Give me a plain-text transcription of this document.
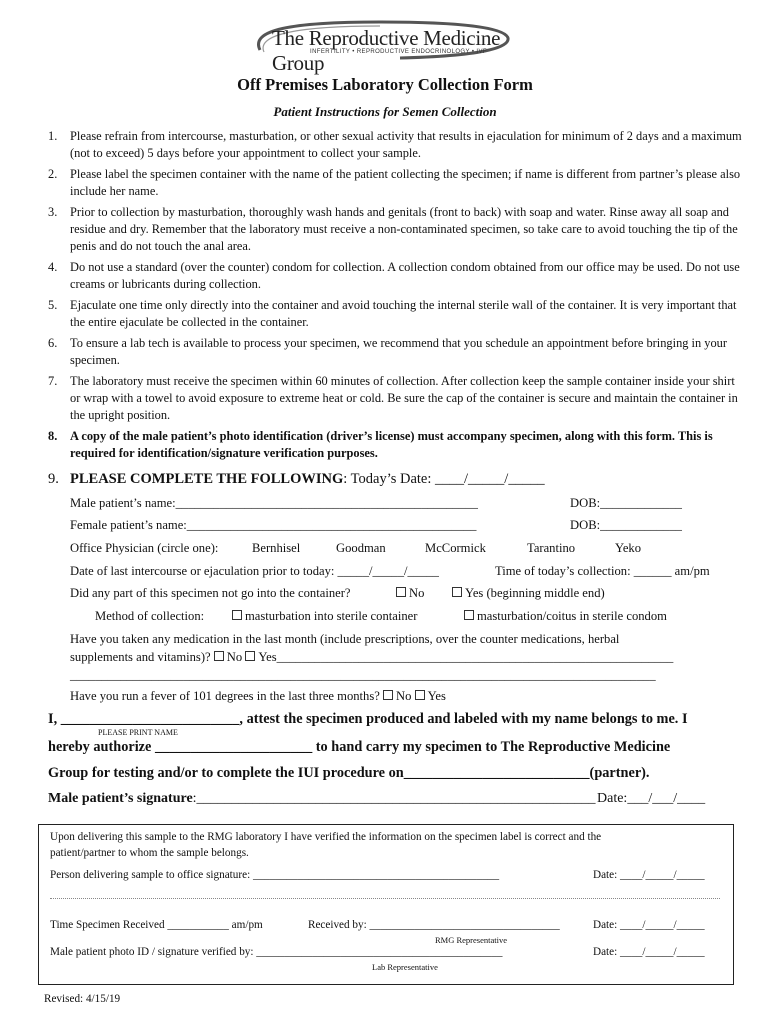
The Reproductive Medicine Group
INFERTILITY • REPRODUCTIVE ENDOCRINOLOGY • IVF
Off Premises Laboratory Collection Form
Patient Instructions for Semen Collection
1. Please refrain from intercourse, masturbation, or other sexual activity that results in ejaculation for minimum of 2 days and a maximum (not to exceed) 5 days before your appointment to collect your sample.
2. Please label the specimen container with the name of the patient collecting the specimen; if name is different from partner’s please also include her name.
3. Prior to collection by masturbation, thoroughly wash hands and genitals (front to back) with soap and water. Rinse away all soap and residue and dry. Remember that the laboratory must receive a non-contaminated specimen, so take care to avoid touching the tip of the penis and do not touch the anal area.
4. Do not use a standard (over the counter) condom for collection. A collection condom obtained from our office may be used. Do not use creams or lubricants during collection.
5. Ejaculate one time only directly into the container and avoid touching the internal sterile wall of the container. It is very important that the entire ejaculate be collected in the container.
6. To ensure a lab tech is available to process your specimen, we recommend that you schedule an appointment before bringing in your specimen.
7. The laboratory must receive the specimen within 60 minutes of collection. After collection keep the sample container inside your shirt or wrap with a towel to avoid exposure to extreme heat or cold. Be sure the cap of the container is secure and maintain the container in the upright position.
8. A copy of the male patient’s photo identification (driver’s license) must accompany specimen, along with this form. This is required for identification/signature verification purposes.
9. PLEASE COMPLETE THE FOLLOWING: Today’s Date: ____/_____/_____
Male patient’s name:________________________________________________	DOB:_____________
Female patient’s name:______________________________________________	DOB:_____________
Office Physician (circle one):	Bernhisel	Goodman	McCormick	Tarantino	Yeko
Date of last intercourse or ejaculation prior to today: _____/_____/_____	Time of today’s collection: ______ am/pm
Did any part of this specimen not go into the container?	No	Yes (beginning middle end)
Method of collection:	masturbation into sterile container	masturbation/coitus in sterile condom
Have you taken any medication in the last month (include prescriptions, over the counter medications, herbal
supplements and vitamins)? No Yes_______________________________________________________________
_____________________________________________________________________________________________
Have you run a fever of 101 degrees in the last three months? No Yes
I, _________________________, attest the specimen produced and labeled with my name belongs to me. I
PLEASE PRINT NAME
hereby authorize ______________________ to hand carry my specimen to The Reproductive Medicine
Group for testing and/or to complete the IUI procedure on__________________________(partner).
Male patient’s signature:_________________________________________________________ Date:___/___/____
Upon delivering this sample to the RMG laboratory I have verified the information on the specimen label is correct and the
patient/partner to whom the sample belongs.
Person delivering sample to office signature: ____________________________________________	Date: ____/_____/_____
Time Specimen Received ___________ am/pm	Received by: __________________________________	Date: ____/_____/_____
RMG Representative
Male patient photo ID / signature verified by: ____________________________________________	Date: ____/_____/_____
Lab Representative
Revised: 4/15/19
